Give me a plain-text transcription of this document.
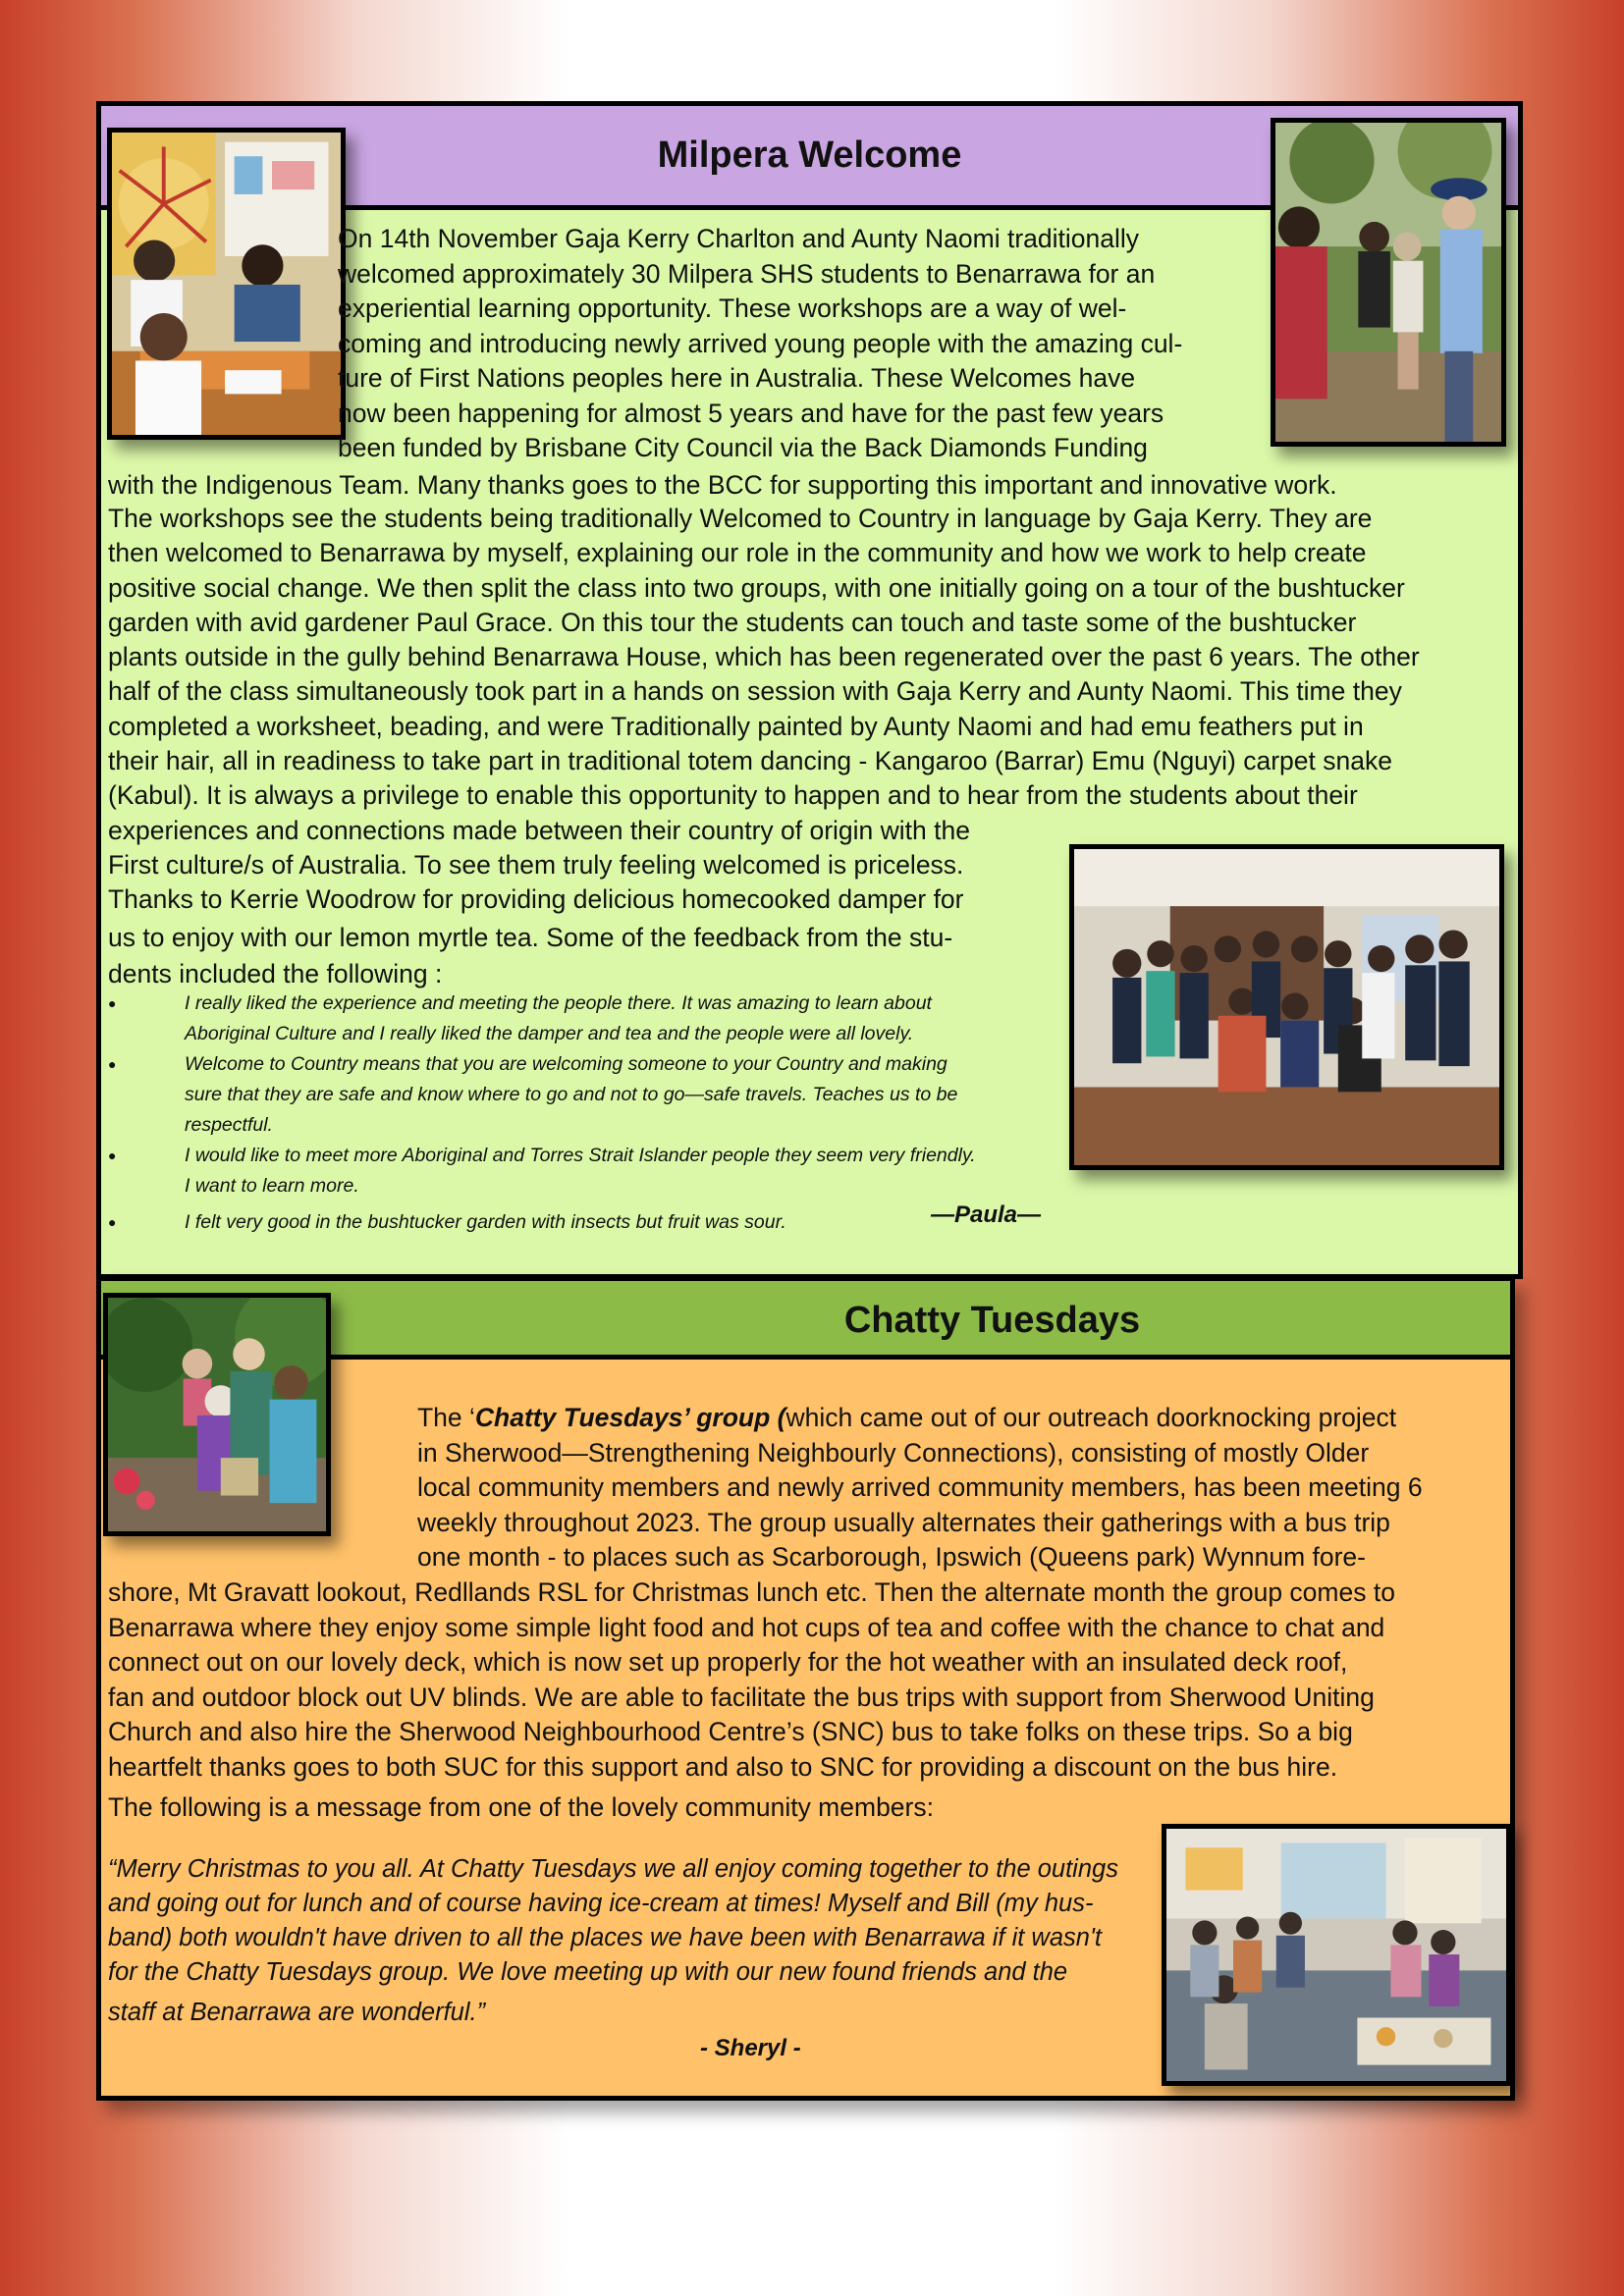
Milpera Welcome

On 14th November Gaja Kerry Charlton and Aunty Naomi traditionally

welcomed approximately 30 Milpera SHS students to Benarrawa for an

experiential learning opportunity. These workshops are a way of wel-

coming and introducing newly arrived young people with the amazing cul-

ture of First Nations peoples here in Australia. These Welcomes have

now been happening for almost 5 years and have for the past few years

been funded by Brisbane City Council via the Back Diamonds Funding

with the Indigenous Team. Many thanks goes to the BCC for supporting this important and innovative work.

The workshops see the students being traditionally Welcomed to Country in language by Gaja Kerry. They are

then welcomed to Benarrawa by myself, explaining our role in the community and how we work to help create

positive social change. We then split the class into two groups, with one initially going on a tour of the bushtucker

garden with avid gardener Paul Grace. On this tour the students can touch and taste some of the bushtucker

plants outside in the gully behind Benarrawa House, which has been regenerated over the past 6 years. The other

half of the class simultaneously took part in a hands on session with Gaja Kerry and Aunty Naomi. This time they

completed a worksheet, beading, and were Traditionally painted by Aunty Naomi and had emu feathers put in

their hair, all in readiness to take part in traditional totem dancing - Kangaroo (Barrar) Emu (Nguyi) carpet snake

(Kabul). It is always a privilege to enable this opportunity to happen and to hear from the students about their

experiences and connections made between their country of origin with the

First culture/s of Australia. To see them truly feeling welcomed is priceless.

Thanks to Kerrie Woodrow for providing delicious homecooked damper for

us to enjoy with our lemon myrtle tea. Some of the feedback from the stu-

dents included the following :

● I really liked the experience and meeting the people there. It was amazing to learn about
Aboriginal Culture and I really liked the damper and tea and the people were all lovely.
● Welcome to Country means that you are welcoming someone to your Country and making
sure that they are safe and know where to go and not to go—safe travels. Teaches us to be
respectful.
● I would like to meet more Aboriginal and Torres Strait Islander people they seem very friendly.
I want to learn more.
● I felt very good in the bushtucker garden with insects but fruit was sour.	—Paula—
Chatty Tuesdays

The ‘Chatty Tuesdays’ group (which came out of our outreach doorknocking project

in Sherwood—Strengthening Neighbourly Connections), consisting of mostly Older

local community members and newly arrived community members, has been meeting 6

weekly throughout 2023. The group usually alternates their gatherings with a bus trip

one month - to places such as Scarborough, Ipswich (Queens park) Wynnum fore-

shore, Mt Gravatt lookout, Redllands RSL for Christmas lunch etc. Then the alternate month the group comes to

Benarrawa where they enjoy some simple light food and hot cups of tea and coffee with the chance to chat and

connect out on our lovely deck, which is now set up properly for the hot weather with an insulated deck roof,

fan and outdoor block out UV blinds. We are able to facilitate the bus trips with support from Sherwood Uniting

Church and also hire the Sherwood Neighbourhood Centre’s (SNC) bus to take folks on these trips. So a big

heartfelt thanks goes to both SUC for this support and also to SNC for providing a discount on the bus hire.

The following is a message from one of the lovely community members:

“Merry Christmas to you all. At Chatty Tuesdays we all enjoy coming together to the outings

and going out for lunch and of course having ice-cream at times! Myself and Bill (my hus-

band) both wouldn't have driven to all the places we have been with Benarrawa if it wasn't

for the Chatty Tuesdays group. We love meeting up with our new found friends and the

staff at Benarrawa are wonderful.”

- Sheryl -
